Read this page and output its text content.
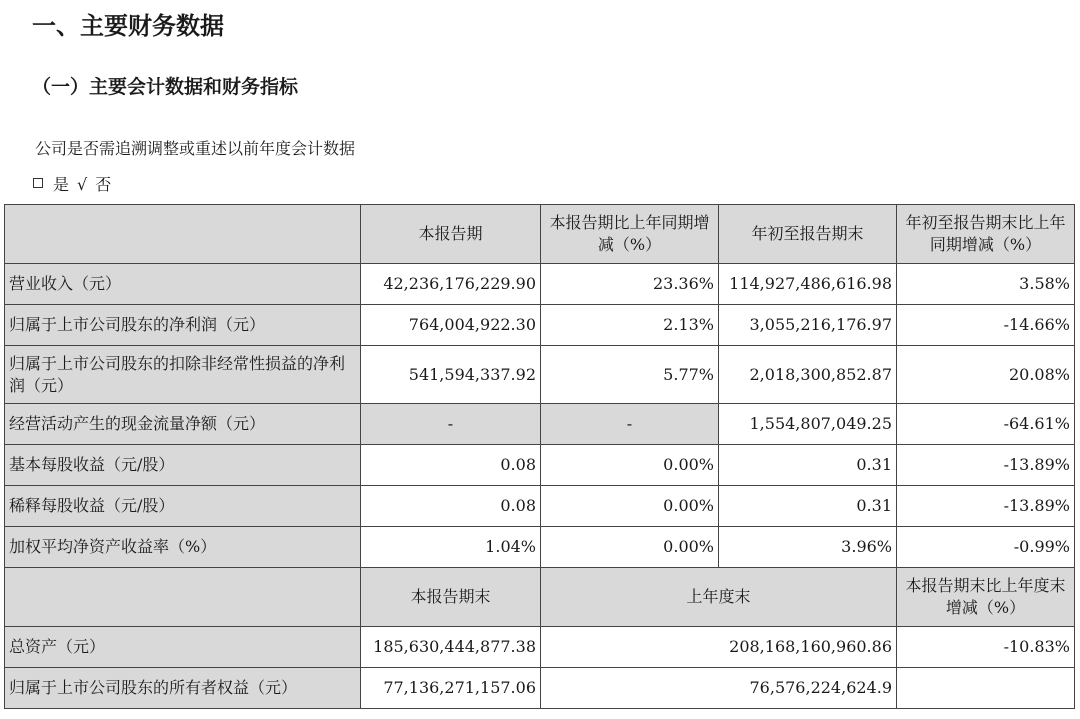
一、主要财务数据
（一）主要会计数据和财务指标
公司是否需追溯调整或重述以前年度会计数据
是 √ 否
	本报告期	本报告期比上年同期增减（%）	年初至报告期末	年初至报告期末比上年同期增减（%）
营业收入（元）	42,236,176,229.90	23.36%	114,927,486,616.98	3.58%
归属于上市公司股东的净利润（元）	764,004,922.30	2.13%	3,055,216,176.97	-14.66%
归属于上市公司股东的扣除非经常性损益的净利润（元）	541,594,337.92	5.77%	2,018,300,852.87	20.08%
经营活动产生的现金流量净额（元）	-	-	1,554,807,049.25	-64.61%
基本每股收益（元/股）	0.08	0.00%	0.31	-13.89%
稀释每股收益（元/股）	0.08	0.00%	0.31	-13.89%
加权平均净资产收益率（%）	1.04%	0.00%	3.96%	-0.99%
	本报告期末	上年度末		本报告期末比上年度末增减（%）
总资产（元）	185,630,444,877.38	208,168,160,960.86		-10.83%
归属于上市公司股东的所有者权益（元）	77,136,271,157.06	76,576,224,624.9		
